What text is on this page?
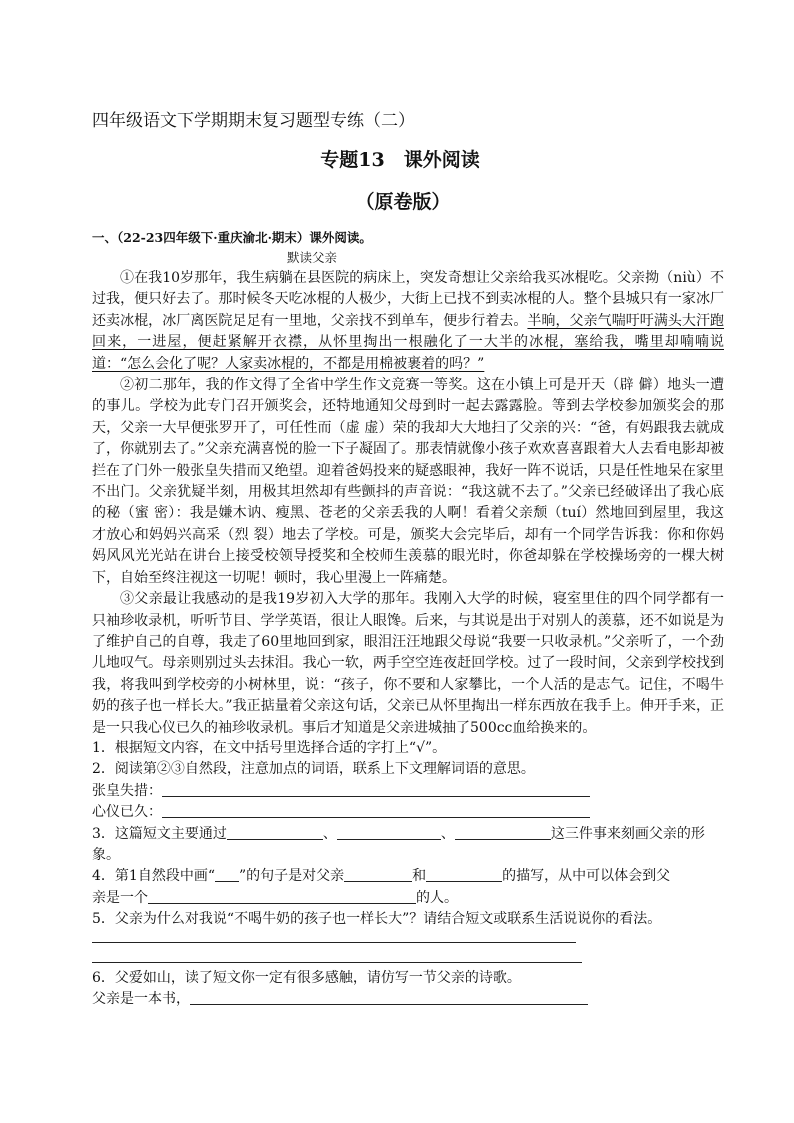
四年级语文下学期期末复习题型专练（二）
专题13　课外阅读
（原卷版）
一、（22-23四年级下·重庆渝北·期末）课外阅读。
默读父亲

①在我10岁那年，我生病躺在县医院的病床上，突发奇想让父亲给我买冰棍吃。父亲拗（niù）不过我，便只好去了。那时候冬天吃冰棍的人极少，大街上已找不到卖冰棍的人。整个县城只有一家冰厂还卖冰棍，冰厂离医院足足有一里地，父亲找不到单车，便步行着去。半晌，父亲气喘吁吁满头大汗跑回来，一进屋，便赶紧解开衣襟，从怀里掏出一根融化了一大半的冰棍，塞给我，嘴里却喃喃说道：“怎么会化了呢？人家卖冰棍的，不都是用棉被裹着的吗？”

②初二那年，我的作文得了全省中学生作文竞赛一等奖。这在小镇上可是开天（辟 僻）地头一遭的事儿。学校为此专门召开颁奖会，还特地通知父母到时一起去露露脸。等到去学校参加颁奖会的那天，父亲一大早便张罗开了，可任性而（虚 虚）荣的我却大大地扫了父亲的兴：“爸，有妈跟我去就成了，你就别去了。”父亲充满喜悦的脸一下子凝固了。那表情就像小孩子欢欢喜喜跟着大人去看电影却被拦在了门外一般张皇失措而又绝望。迎着爸妈投来的疑惑眼神，我好一阵不说话，只是任性地呆在家里不出门。父亲犹疑半刻，用极其坦然却有些颤抖的声音说：“我这就不去了。”父亲已经破译出了我心底的秘（蜜 密）：我是嫌木讷、瘦黑、苍老的父亲丢我的人啊！看着父亲颓（tuí）然地回到屋里，我这才放心和妈妈兴高采（烈 裂）地去了学校。可是，颁奖大会完毕后，却有一个同学告诉我：你和你妈妈风风光光站在讲台上接受校领导授奖和全校师生羡慕的眼光时，你爸却躲在学校操场旁的一棵大树下，自始至终注视这一切呢！顿时，我心里漫上一阵痛楚。

③父亲最让我感动的是我19岁初入大学的那年。我刚入大学的时候，寝室里住的四个同学都有一只袖珍收录机，听听节目、学学英语，很让人眼馋。后来，与其说是出于对别人的羡慕，还不如说是为了维护自己的自尊，我走了60里地回到家，眼泪汪汪地跟父母说“我要一只收录机。”父亲听了，一个劲儿地叹气。母亲则别过头去抹泪。我心一软，两手空空连夜赶回学校。过了一段时间，父亲到学校找到我，将我叫到学校旁的小树林里，说：“孩子，你不要和人家攀比，一个人活的是志气。记住，不喝牛奶的孩子也一样长大。”我正掂量着父亲这句话，父亲已从怀里掏出一样东西放在我手上。伸开手来，正是一只我心仪已久的袖珍收录机。事后才知道是父亲进城抽了500cc血给换来的。

1．根据短文内容，在文中括号里选择合适的字打上“√”。
2．阅读第②③自然段，注意加点的词语，联系上下文理解词语的意思。
张皇失措：
心仪已久：
3．这篇短文主要通过	、	、	这三件事来刻画父亲的形
象。
4．第1自然段中画“ ”的句子是对父亲	和	的描写，从中可以体会到父
亲是一个	的人。
5．父亲为什么对我说“不喝牛奶的孩子也一样长大”？请结合短文或联系生活说说你的看法。
6．父爱如山，读了短文你一定有很多感触，请仿写一节父亲的诗歌。
父亲是一本书，
